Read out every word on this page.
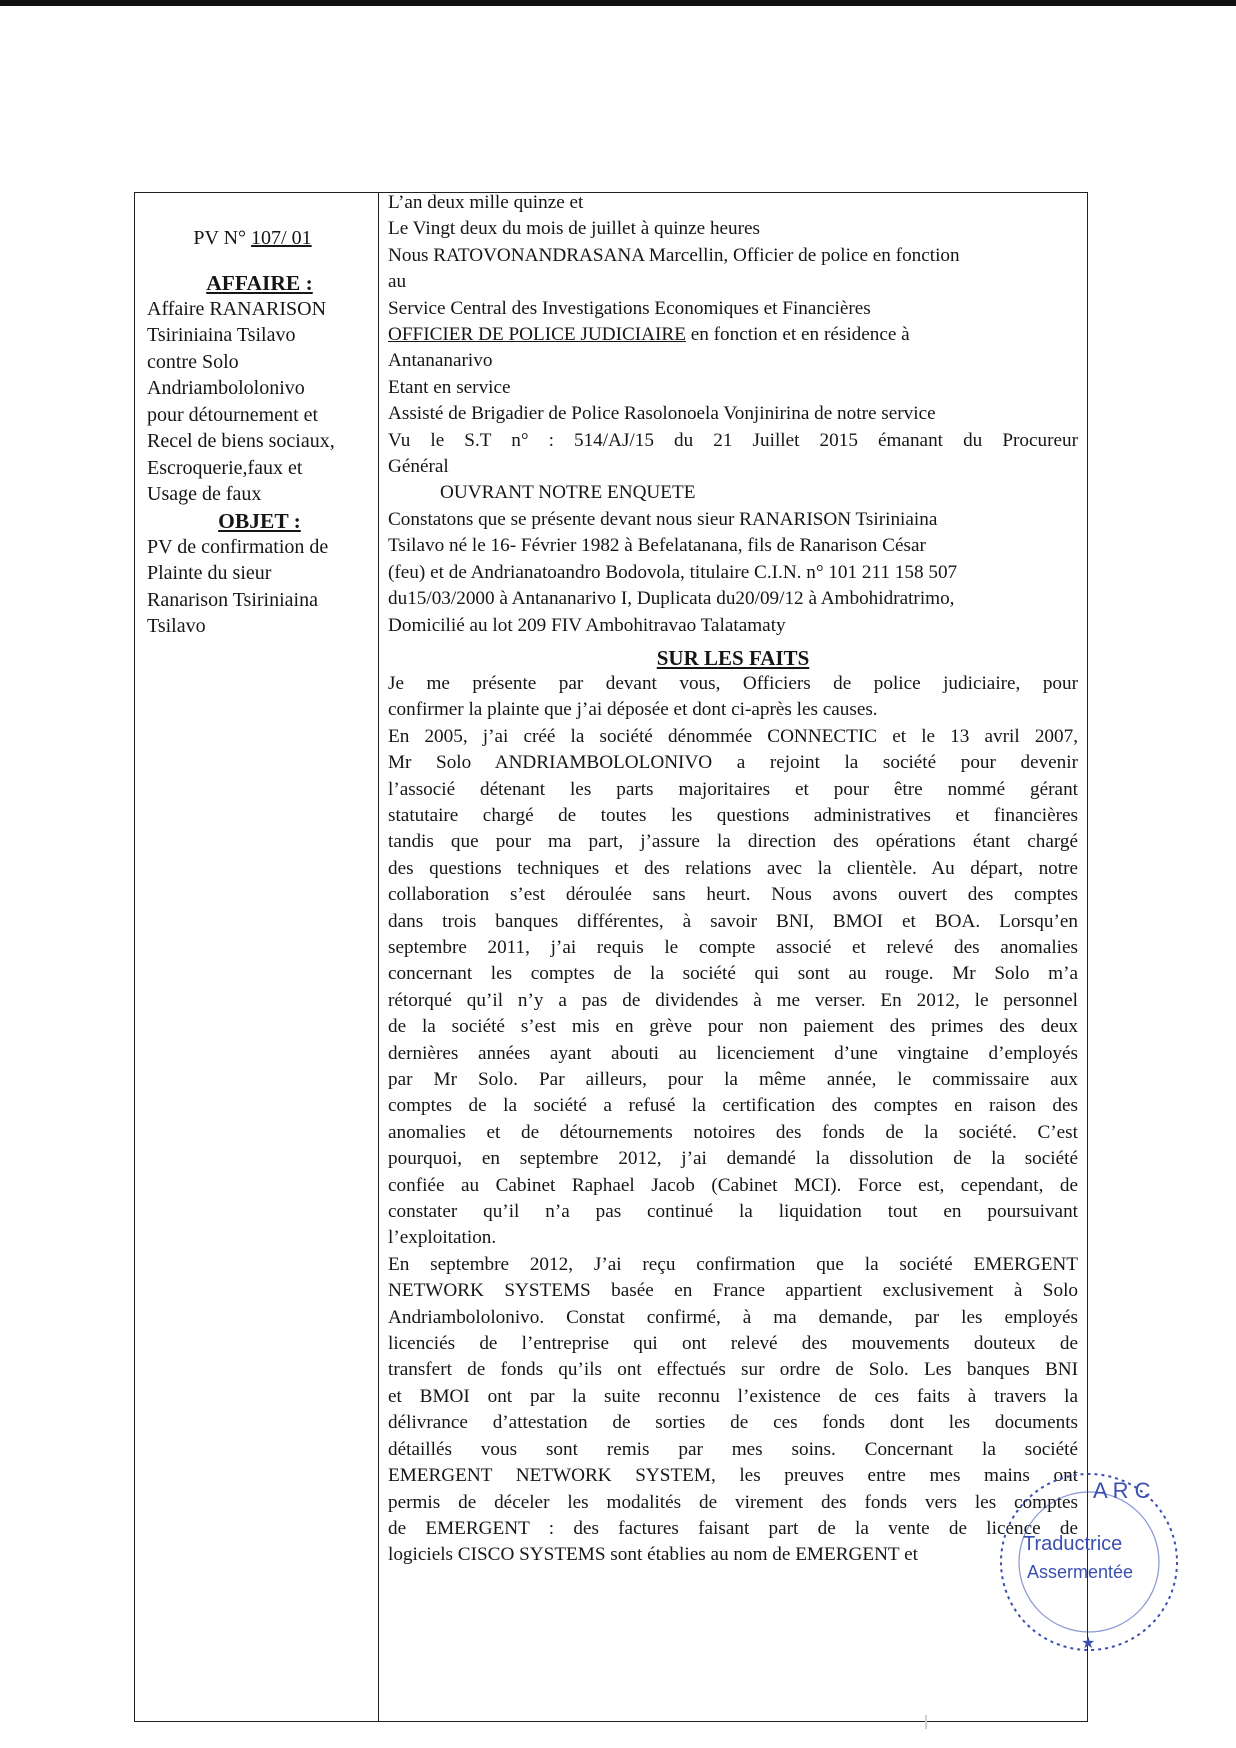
PV N° 107/ 01
AFFAIRE :
Affaire RANARISON
Tsiriniaina Tsilavo
contre Solo
Andriambololonivo
pour détournement et
Recel de biens sociaux,
Escroquerie,faux et
Usage de faux
OBJET :
PV de confirmation de
Plainte du sieur
Ranarison Tsiriniaina
Tsilavo
L’an deux mille quinze et
Le Vingt deux du mois de juillet à quinze heures
Nous RATOVONANDRASANA Marcellin, Officier de police en fonction
au
Service Central des Investigations Economiques et Financières
OFFICIER DE POLICE JUDICIAIRE en fonction et en résidence à
Antananarivo
Etant en service
Assisté de Brigadier de Police Rasolonoela Vonjinirina de notre service
Vu le S.T n° : 514/AJ/15 du 21 Juillet 2015 émanant du Procureur
Général
OUVRANT NOTRE ENQUETE
Constatons que se présente devant nous sieur RANARISON Tsiriniaina
Tsilavo né le 16- Février 1982 à Befelatanana, fils de Ranarison César
(feu) et de Andrianatoandro Bodovola, titulaire C.I.N. n° 101 211 158 507
du15/03/2000 à Antananarivo I, Duplicata du20/09/12 à Ambohidratrimo,
Domicilié au lot 209 FIV Ambohitravao Talatamaty
SUR LES FAITS
Je me présente par devant vous, Officiers de police judiciaire, pour
confirmer la plainte que j’ai déposée et dont ci-après les causes.
En 2005, j’ai créé la société dénommée CONNECTIC et le 13 avril 2007,
Mr Solo ANDRIAMBOLOLONIVO a rejoint la société pour devenir
l’associé détenant les parts majoritaires et pour être nommé gérant
statutaire chargé de toutes les questions administratives et financières
tandis que pour ma part, j’assure la direction des opérations étant chargé
des questions techniques et des relations avec la clientèle. Au départ, notre
collaboration s’est déroulée sans heurt. Nous avons ouvert des comptes
dans trois banques différentes, à savoir BNI, BMOI et BOA. Lorsqu’en
septembre 2011, j’ai requis le compte associé et relevé des anomalies
concernant les comptes de la société qui sont au rouge. Mr Solo m’a
rétorqué qu’il n’y a pas de dividendes à me verser. En 2012, le personnel
de la société s’est mis en grève pour non paiement des primes des deux
dernières années ayant abouti au licenciement d’une vingtaine d’employés
par Mr Solo. Par ailleurs, pour la même année, le commissaire aux
comptes de la société a refusé la certification des comptes en raison des
anomalies et de détournements notoires des fonds de la société. C’est
pourquoi, en septembre 2012, j’ai demandé la dissolution de la société
confiée au Cabinet Raphael Jacob (Cabinet MCI). Force est, cependant, de
constater qu’il n’a pas continué la liquidation tout en poursuivant
l’exploitation.
En septembre 2012, J’ai reçu confirmation que la société EMERGENT
NETWORK SYSTEMS basée en France appartient exclusivement à Solo
Andriambololonivo. Constat confirmé, à ma demande, par les employés
licenciés de l’entreprise qui ont relevé des mouvements douteux de
transfert de fonds qu’ils ont effectués sur ordre de Solo. Les banques BNI
et BMOI ont par la suite reconnu l’existence de ces faits à travers la
délivrance d’attestation de sorties de ces fonds dont les documents
détaillés vous sont remis par mes soins. Concernant la société
EMERGENT NETWORK SYSTEM, les preuves entre mes mains ont
permis de déceler les modalités de virement des fonds vers les comptes
de EMERGENT : des factures faisant part de la vente de licence de
logiciels CISCO SYSTEMS sont établies au nom de EMERGENT et
A R C
Traductrice
Assermentée
★
